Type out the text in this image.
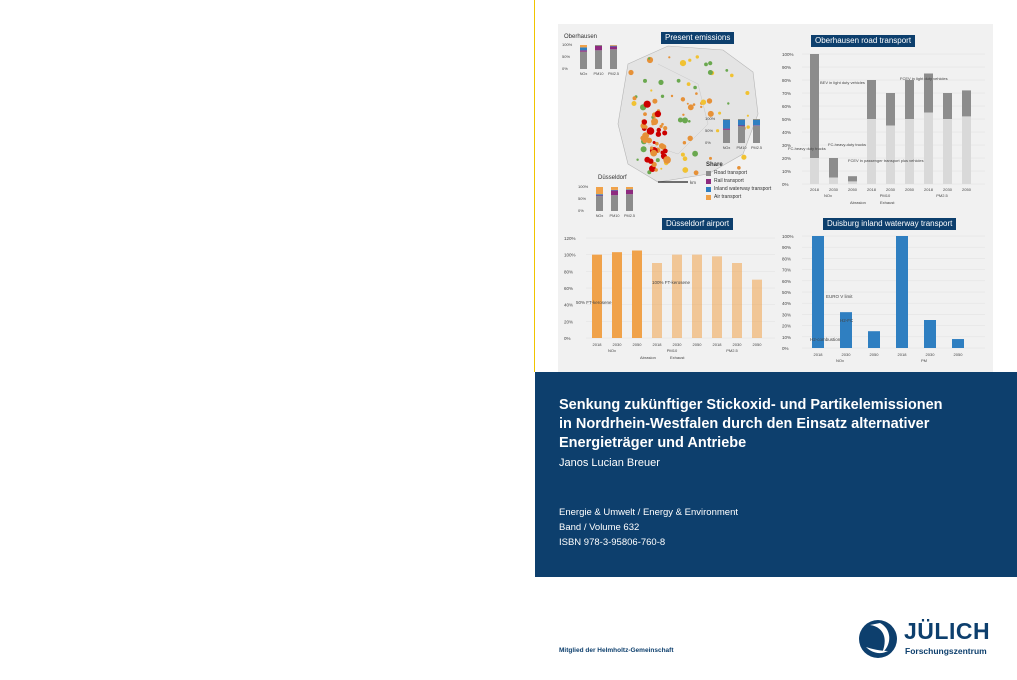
Present emissions
Oberhausen
Düsseldorf
km
100%
50%
0%
NOx PM10 PM2.5
100%
50%
0%
NOx PM10 PM2.5
100%
50%
0%
NOx PM10 PM2.5
Share
Road transport
Rail transport
Inland waterway transport
Air transport
Oberhausen road transport
100%
90%
80%
70%
60%
50%
40%
30%
20%
10%
0%
2018	2030	2050	2018	2030	2050	2018	2030	2050
NOx	PM10	PM2.5
Abrasion	Exhaust
BEV in light duty vehicles
FCEV in light duty vehicles
FC-heavy duty trucks
FC-heavy-duty trucks
FCEV in passenger transport plus vehicles
Düsseldorf airport
120%
100%
80%
60%
40%
20%
0%
2018	2030	2050	2018	2030	2050	2018	2030	2050
NOx	PM10	PM2.5
Abrasion	Exhaust
100% FT-kerosene
50% FT-kerosene
Duisburg inland waterway transport
100%
90%
80%
70%
60%
50%
40%
30%
20%
10%
0%
2018	2030	2050	2018	2030	2050
NOx	PM
EURO V limit
H2-FC
H2-combustion
Senkung zukünftiger Stickoxid- und Partikelemissionen
in Nordrhein-Westfalen durch den Einsatz alternativer
Energieträger und Antriebe
Janos Lucian Breuer
Energie & Umwelt / Energy & Environment
Band / Volume 632
ISBN 978-3-95806-760-8
Mitglied der Helmholtz-Gemeinschaft
JÜLICH
Forschungszentrum
